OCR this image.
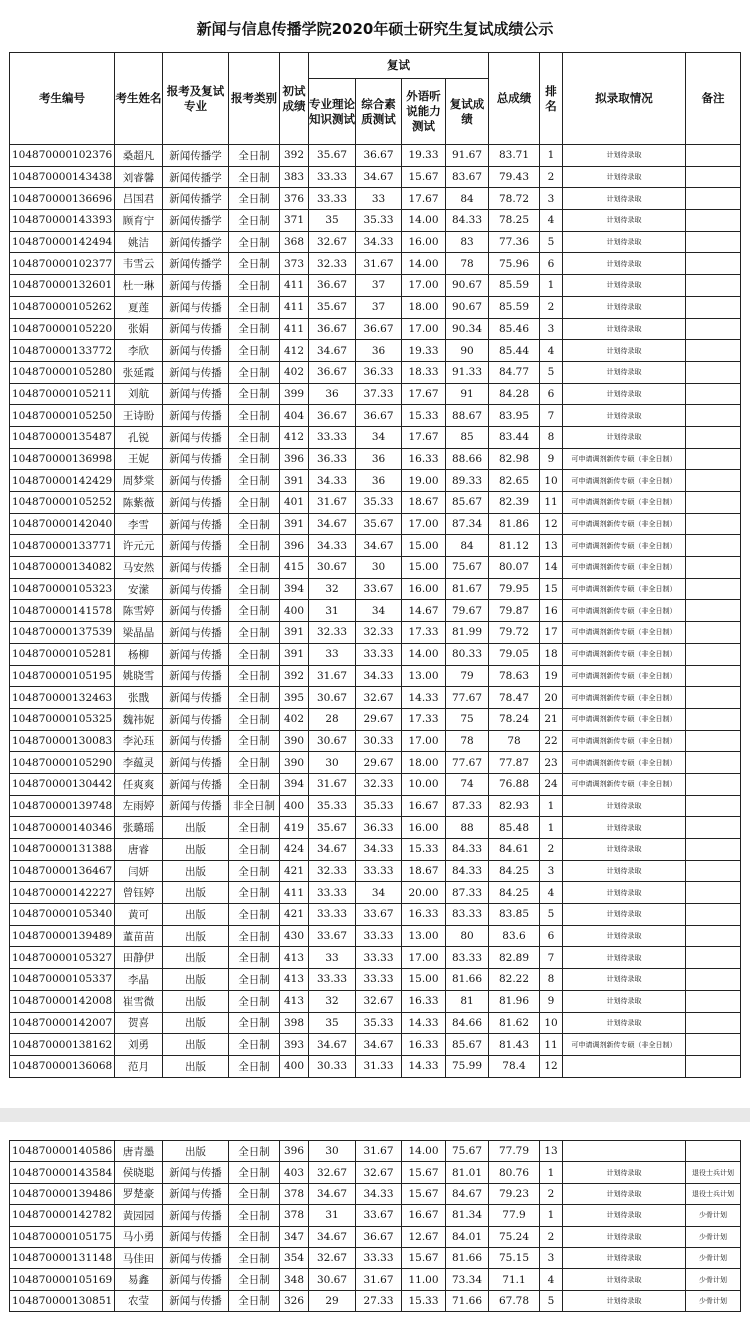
新闻与信息传播学院2020年硕士研究生复试成绩公示
考生编号	考生姓名	报考及复试专业	报考类别	初试成绩	复试				总成绩	排名	拟录取情况	备注
					专业理论知识测试	综合素质测试	外语听说能力测试	复试成绩				
104870000102376	桑超凡	新闻传播学	全日制	392	35.67	36.67	19.33	91.67	83.71	1	计划待录取	
104870000143438	刘睿馨	新闻传播学	全日制	383	33.33	34.67	15.67	83.67	79.43	2	计划待录取	
104870000136696	吕国君	新闻传播学	全日制	376	33.33	33	17.67	84	78.72	3	计划待录取	
104870000143393	顾育宁	新闻传播学	全日制	371	35	35.33	14.00	84.33	78.25	4	计划待录取	
104870000142494	姚洁	新闻传播学	全日制	368	32.67	34.33	16.00	83	77.36	5	计划待录取	
104870000102377	韦雪云	新闻传播学	全日制	373	32.33	31.67	14.00	78	75.96	6	计划待录取	
104870000132601	杜一琳	新闻与传播	全日制	411	36.67	37	17.00	90.67	85.59	1	计划待录取	
104870000105262	夏莲	新闻与传播	全日制	411	35.67	37	18.00	90.67	85.59	2	计划待录取	
104870000105220	张娟	新闻与传播	全日制	411	36.67	36.67	17.00	90.34	85.46	3	计划待录取	
104870000133772	李欣	新闻与传播	全日制	412	34.67	36	19.33	90	85.44	4	计划待录取	
104870000105280	张延霞	新闻与传播	全日制	402	36.67	36.33	18.33	91.33	84.77	5	计划待录取	
104870000105211	刘航	新闻与传播	全日制	399	36	37.33	17.67	91	84.28	6	计划待录取	
104870000105250	王诗盼	新闻与传播	全日制	404	36.67	36.67	15.33	88.67	83.95	7	计划待录取	
104870000135487	孔锐	新闻与传播	全日制	412	33.33	34	17.67	85	83.44	8	计划待录取	
104870000136998	王妮	新闻与传播	全日制	396	36.33	36	16.33	88.66	82.98	9	可申请调剂新传专硕（非全日制）	
104870000142429	周梦棠	新闻与传播	全日制	391	34.33	36	19.00	89.33	82.65	10	可申请调剂新传专硕（非全日制）	
104870000105252	陈紫薇	新闻与传播	全日制	401	31.67	35.33	18.67	85.67	82.39	11	可申请调剂新传专硕（非全日制）	
104870000142040	李雪	新闻与传播	全日制	391	34.67	35.67	17.00	87.34	81.86	12	可申请调剂新传专硕（非全日制）	
104870000133771	许元元	新闻与传播	全日制	396	34.33	34.67	15.00	84	81.12	13	可申请调剂新传专硕（非全日制）	
104870000134082	马安然	新闻与传播	全日制	415	30.67	30	15.00	75.67	80.07	14	可申请调剂新传专硕（非全日制）	
104870000105323	安潆	新闻与传播	全日制	394	32	33.67	16.00	81.67	79.95	15	可申请调剂新传专硕（非全日制）	
104870000141578	陈雪婷	新闻与传播	全日制	400	31	34	14.67	79.67	79.87	16	可申请调剂新传专硕（非全日制）	
104870000137539	梁晶晶	新闻与传播	全日制	391	32.33	32.33	17.33	81.99	79.72	17	可申请调剂新传专硕（非全日制）	
104870000105281	杨柳	新闻与传播	全日制	391	33	33.33	14.00	80.33	79.05	18	可申请调剂新传专硕（非全日制）	
104870000105195	姚晓雪	新闻与传播	全日制	392	31.67	34.33	13.00	79	78.63	19	可申请调剂新传专硕（非全日制）	
104870000132463	张戬	新闻与传播	全日制	395	30.67	32.67	14.33	77.67	78.47	20	可申请调剂新传专硕（非全日制）	
104870000105325	魏祎妮	新闻与传播	全日制	402	28	29.67	17.33	75	78.24	21	可申请调剂新传专硕（非全日制）	
104870000130083	李沁珏	新闻与传播	全日制	390	30.67	30.33	17.00	78	78	22	可申请调剂新传专硕（非全日制）	
104870000105290	李蕴灵	新闻与传播	全日制	390	30	29.67	18.00	77.67	77.87	23	可申请调剂新传专硕（非全日制）	
104870000130442	任爽爽	新闻与传播	全日制	394	31.67	32.33	10.00	74	76.88	24	可申请调剂新传专硕（非全日制）	
104870000139748	左雨婷	新闻与传播	非全日制	400	35.33	35.33	16.67	87.33	82.93	1	计划待录取	
104870000140346	张璐瑶	出版	全日制	419	35.67	36.33	16.00	88	85.48	1	计划待录取	
104870000131388	唐睿	出版	全日制	424	34.67	34.33	15.33	84.33	84.61	2	计划待录取	
104870000136467	闫妍	出版	全日制	421	32.33	33.33	18.67	84.33	84.25	3	计划待录取	
104870000142227	曾钰婷	出版	全日制	411	33.33	34	20.00	87.33	84.25	4	计划待录取	
104870000105340	黄可	出版	全日制	421	33.33	33.67	16.33	83.33	83.85	5	计划待录取	
104870000139489	董苗苗	出版	全日制	430	33.67	33.33	13.00	80	83.6	6	计划待录取	
104870000105327	田静伊	出版	全日制	413	33	33.33	17.00	83.33	82.89	7	计划待录取	
104870000105337	李晶	出版	全日制	413	33.33	33.33	15.00	81.66	82.22	8	计划待录取	
104870000142008	崔雪微	出版	全日制	413	32	32.67	16.33	81	81.96	9	计划待录取	
104870000142007	贺喜	出版	全日制	398	35	35.33	14.33	84.66	81.62	10	计划待录取	
104870000138162	刘勇	出版	全日制	393	34.67	34.67	16.33	85.67	81.43	11	可申请调剂新传专硕（非全日制）	
104870000136068	范月	出版	全日制	400	30.33	31.33	14.33	75.99	78.4	12		
104870000140586	唐青墨	出版	全日制	396	30	31.67	14.00	75.67	77.79	13		
104870000143584	侯晓聪	新闻与传播	全日制	403	32.67	32.67	15.67	81.01	80.76	1	计划待录取	退役士兵计划
104870000139486	罗楚豪	新闻与传播	全日制	378	34.67	34.33	15.67	84.67	79.23	2	计划待录取	退役士兵计划
104870000142782	黄园园	新闻与传播	全日制	378	31	33.67	16.67	81.34	77.9	1	计划待录取	少骨计划
104870000105175	马小勇	新闻与传播	全日制	347	34.67	36.67	12.67	84.01	75.24	2	计划待录取	少骨计划
104870000131148	马佳田	新闻与传播	全日制	354	32.67	33.33	15.67	81.66	75.15	3	计划待录取	少骨计划
104870000105169	易鑫	新闻与传播	全日制	348	30.67	31.67	11.00	73.34	71.1	4	计划待录取	少骨计划
104870000130851	农莹	新闻与传播	全日制	326	29	27.33	15.33	71.66	67.78	5	计划待录取	少骨计划
